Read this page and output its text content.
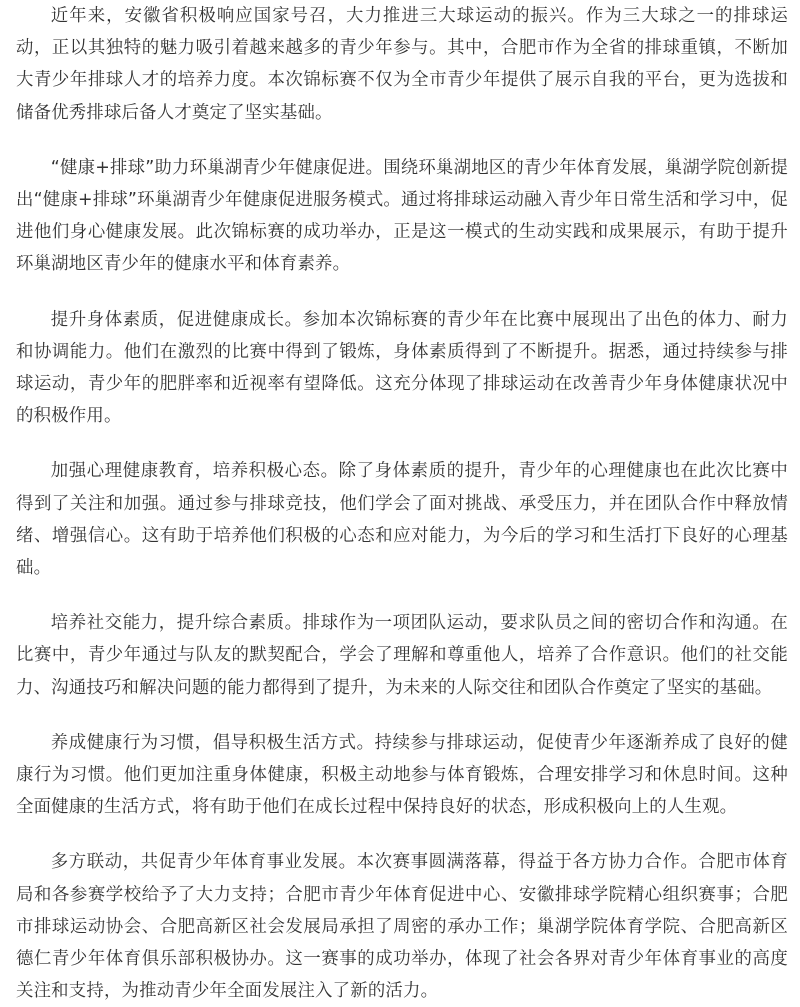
近年来，安徽省积极响应国家号召，大力推进三大球运动的振兴。作为三大球之一的排球运动，正以其独特的魅力吸引着越来越多的青少年参与。其中，合肥市作为全省的排球重镇，不断加大青少年排球人才的培养力度。本次锦标赛不仅为全市青少年提供了展示自我的平台，更为选拔和储备优秀排球后备人才奠定了坚实基础。

“健康+排球”助力环巢湖青少年健康促进。围绕环巢湖地区的青少年体育发展，巢湖学院创新提出“健康+排球”环巢湖青少年健康促进服务模式。通过将排球运动融入青少年日常生活和学习中，促进他们身心健康发展。此次锦标赛的成功举办，正是这一模式的生动实践和成果展示，有助于提升环巢湖地区青少年的健康水平和体育素养。

提升身体素质，促进健康成长。参加本次锦标赛的青少年在比赛中展现出了出色的体力、耐力和协调能力。他们在激烈的比赛中得到了锻炼，身体素质得到了不断提升。据悉，通过持续参与排球运动，青少年的肥胖率和近视率有望降低。这充分体现了排球运动在改善青少年身体健康状况中的积极作用。

加强心理健康教育，培养积极心态。除了身体素质的提升，青少年的心理健康也在此次比赛中得到了关注和加强。通过参与排球竞技，他们学会了面对挑战、承受压力，并在团队合作中释放情绪、增强信心。这有助于培养他们积极的心态和应对能力，为今后的学习和生活打下良好的心理基础。

培养社交能力，提升综合素质。排球作为一项团队运动，要求队员之间的密切合作和沟通。在比赛中，青少年通过与队友的默契配合，学会了理解和尊重他人，培养了合作意识。他们的社交能力、沟通技巧和解决问题的能力都得到了提升，为未来的人际交往和团队合作奠定了坚实的基础。

养成健康行为习惯，倡导积极生活方式。持续参与排球运动，促使青少年逐渐养成了良好的健康行为习惯。他们更加注重身体健康，积极主动地参与体育锻炼，合理安排学习和休息时间。这种全面健康的生活方式，将有助于他们在成长过程中保持良好的状态，形成积极向上的人生观。

多方联动，共促青少年体育事业发展。本次赛事圆满落幕，得益于各方协力合作。合肥市体育局和各参赛学校给予了大力支持；合肥市青少年体育促进中心、安徽排球学院精心组织赛事；合肥市排球运动协会、合肥高新区社会发展局承担了周密的承办工作；巢湖学院体育学院、合肥高新区德仁青少年体育俱乐部积极协办。这一赛事的成功举办，体现了社会各界对青少年体育事业的高度关注和支持，为推动青少年全面发展注入了新的活力。
